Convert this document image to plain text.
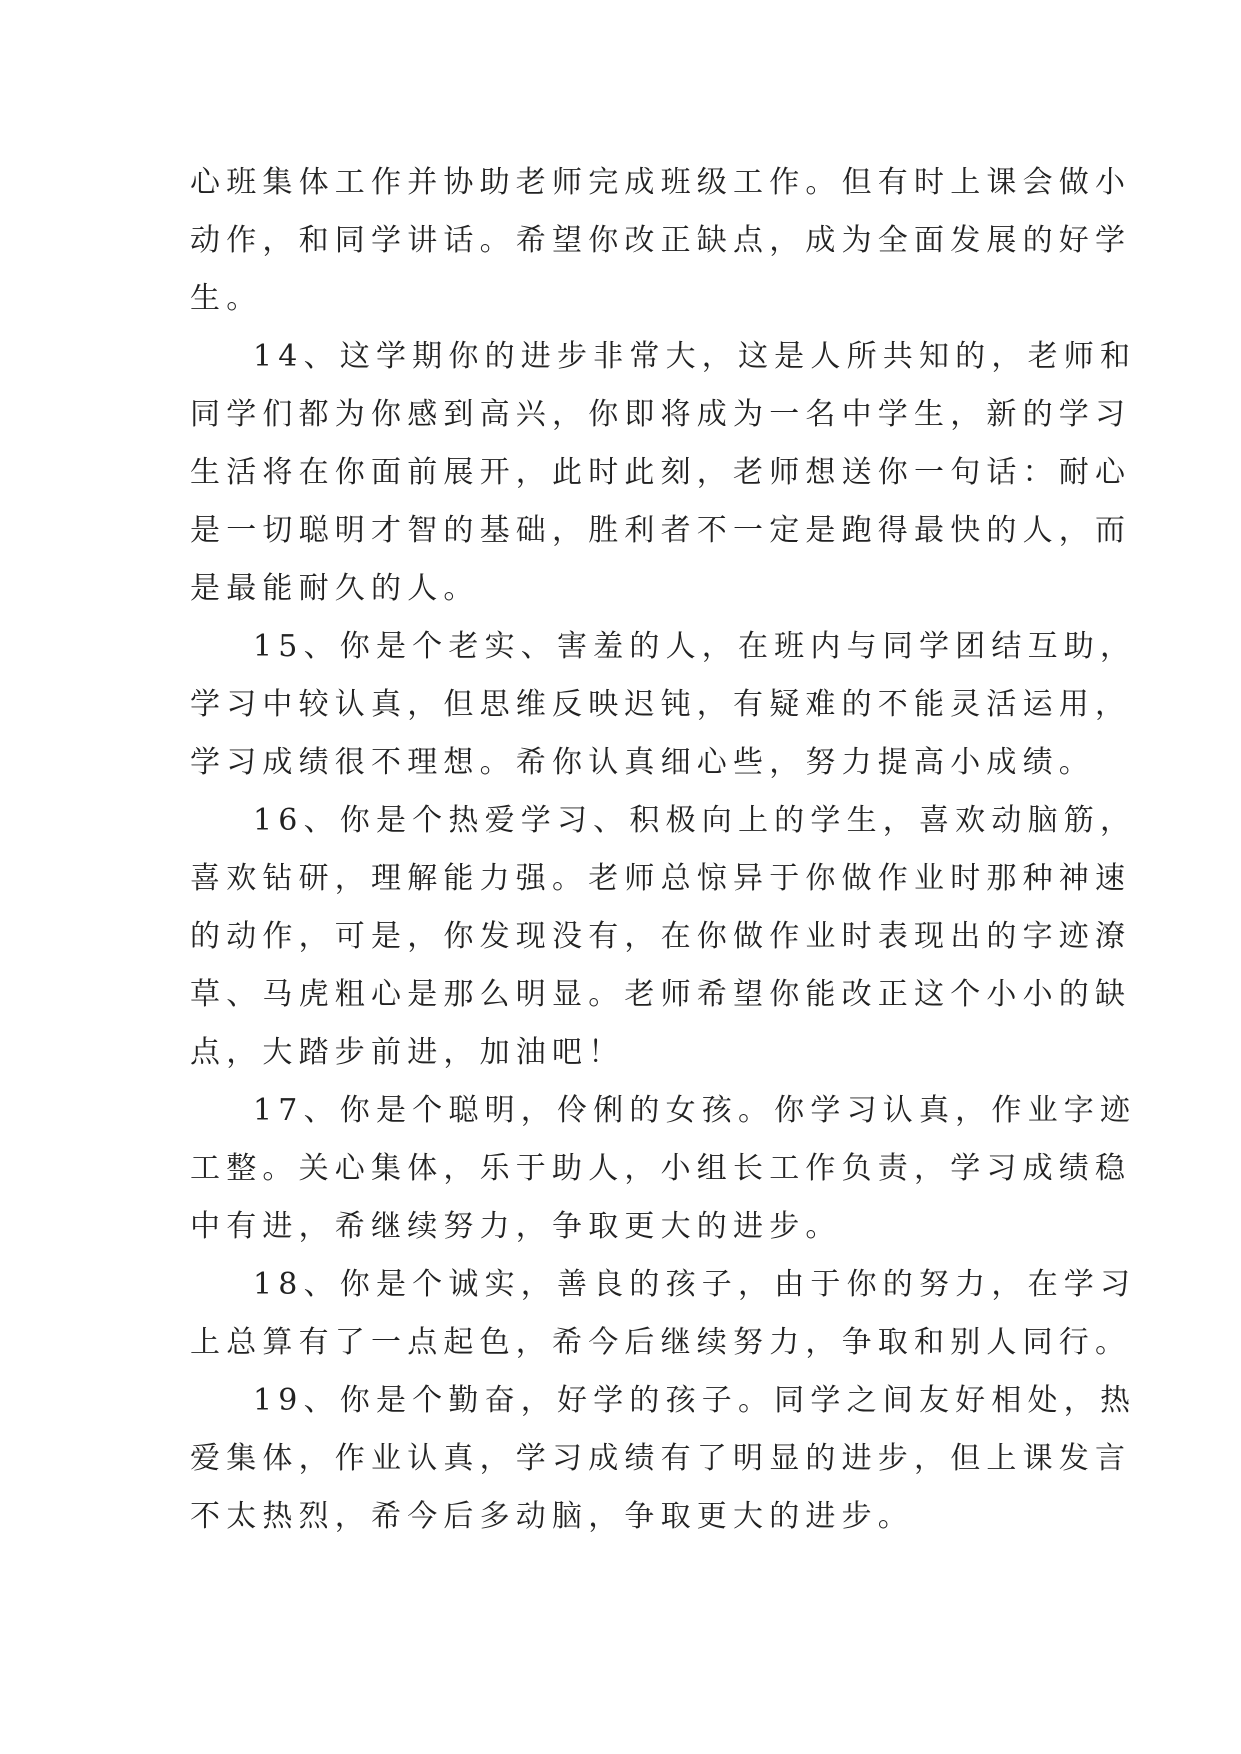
心班集体工作并协助老师完成班级工作。但有时上课会做小
动作，和同学讲话。希望你改正缺点，成为全面发展的好学
生。
14、这学期你的进步非常大，这是人所共知的，老师和
同学们都为你感到高兴，你即将成为一名中学生，新的学习
生活将在你面前展开，此时此刻，老师想送你一句话：耐心
是一切聪明才智的基础，胜利者不一定是跑得最快的人，而
是最能耐久的人。
15、你是个老实、害羞的人，在班内与同学团结互助，
学习中较认真，但思维反映迟钝，有疑难的不能灵活运用，
学习成绩很不理想。希你认真细心些，努力提高小成绩。
16、你是个热爱学习、积极向上的学生，喜欢动脑筋，
喜欢钻研，理解能力强。老师总惊异于你做作业时那种神速
的动作，可是，你发现没有，在你做作业时表现出的字迹潦
草、马虎粗心是那么明显。老师希望你能改正这个小小的缺
点，大踏步前进，加油吧！
17、你是个聪明，伶俐的女孩。你学习认真，作业字迹
工整。关心集体，乐于助人，小组长工作负责，学习成绩稳
中有进，希继续努力，争取更大的进步。
18、你是个诚实，善良的孩子，由于你的努力，在学习
上总算有了一点起色，希今后继续努力，争取和别人同行。
19、你是个勤奋，好学的孩子。同学之间友好相处，热
爱集体，作业认真，学习成绩有了明显的进步，但上课发言
不太热烈，希今后多动脑，争取更大的进步。
